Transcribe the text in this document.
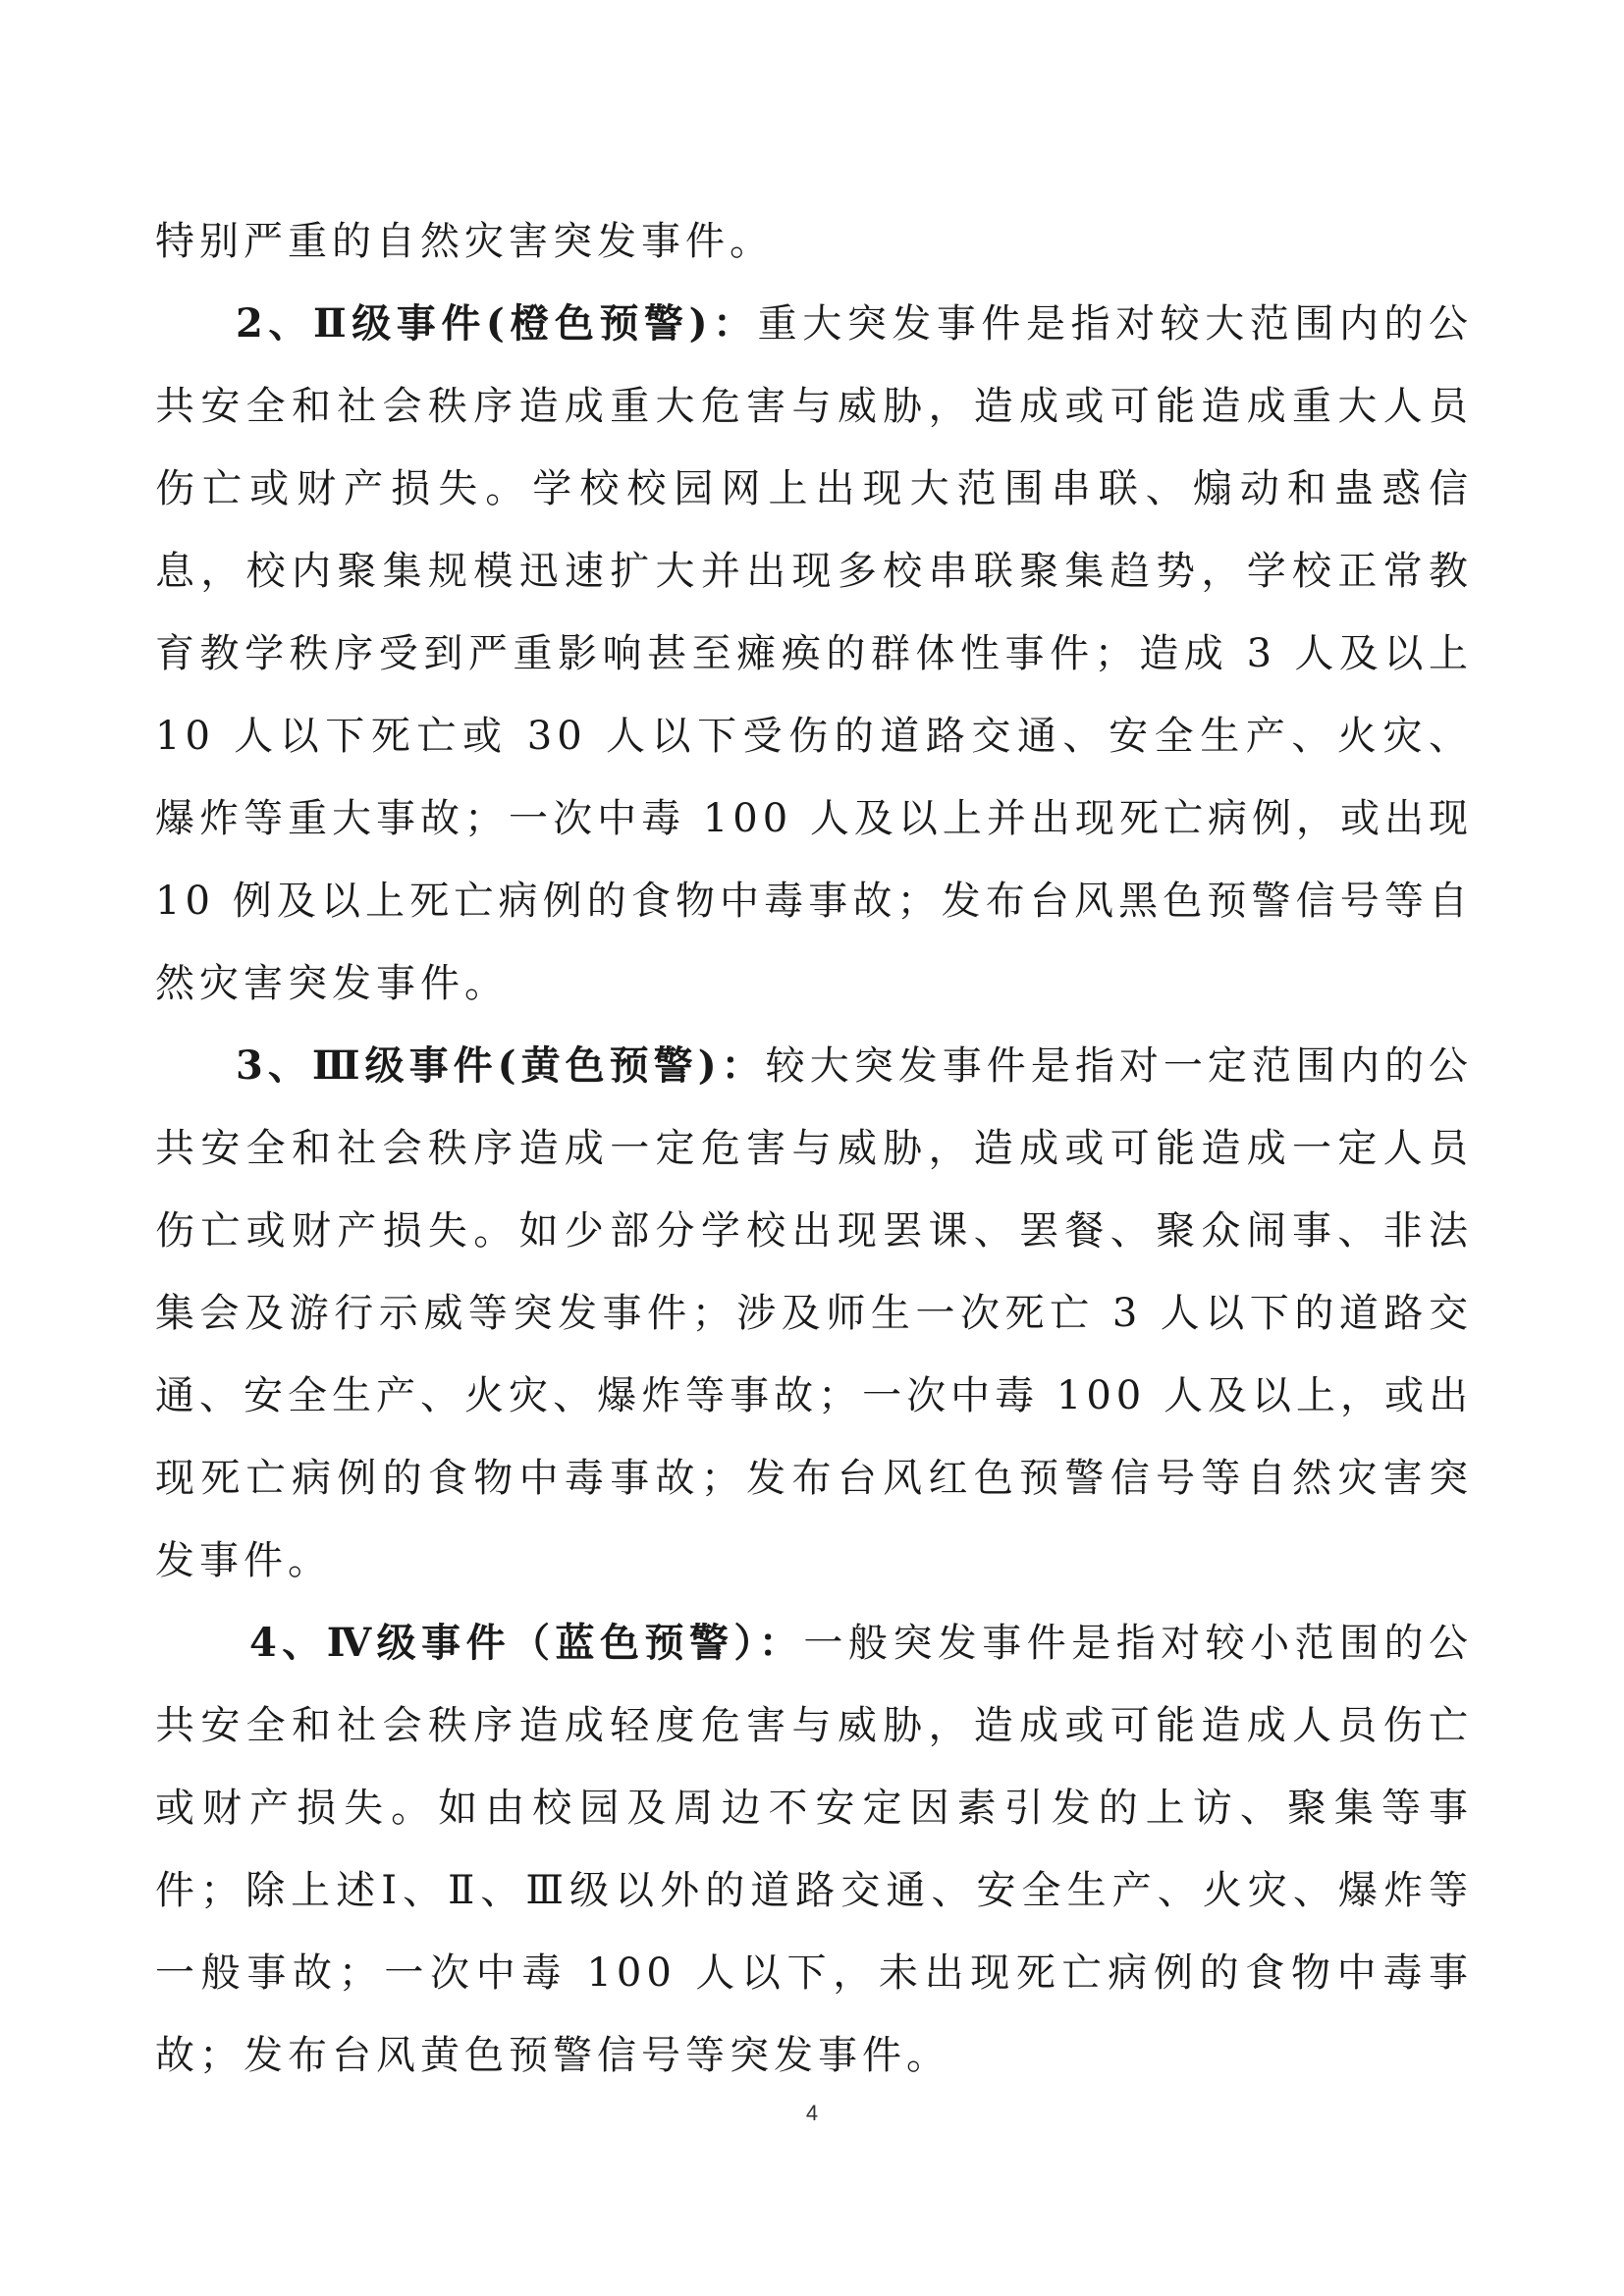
特别严重的自然灾害突发事件。

2、Ⅱ级事件(橙色预警)：重大突发事件是指对较大范围内的公共安全和社会秩序造成重大危害与威胁，造成或可能造成重大人员伤亡或财产损失。学校校园网上出现大范围串联、煽动和蛊惑信息，校内聚集规模迅速扩大并出现多校串联聚集趋势，学校正常教育教学秩序受到严重影响甚至瘫痪的群体性事件；造成 3 人及以上 10 人以下死亡或 30 人以下受伤的道路交通、安全生产、火灾、爆炸等重大事故；一次中毒 100 人及以上并出现死亡病例，或出现 10 例及以上死亡病例的食物中毒事故；发布台风黑色预警信号等自然灾害突发事件。

3、Ⅲ级事件(黄色预警)：较大突发事件是指对一定范围内的公共安全和社会秩序造成一定危害与威胁，造成或可能造成一定人员伤亡或财产损失。如少部分学校出现罢课、罢餐、聚众闹事、非法集会及游行示威等突发事件；涉及师生一次死亡 3 人以下的道路交通、安全生产、火灾、爆炸等事故；一次中毒 100 人及以上，或出现死亡病例的食物中毒事故；发布台风红色预警信号等自然灾害突发事件。

4、Ⅳ级事件（蓝色预警）：一般突发事件是指对较小范围的公共安全和社会秩序造成轻度危害与威胁，造成或可能造成人员伤亡或财产损失。如由校园及周边不安定因素引发的上访、聚集等事件；除上述Ⅰ、Ⅱ、Ⅲ级以外的道路交通、安全生产、火灾、爆炸等一般事故；一次中毒 100 人以下，未出现死亡病例的食物中毒事故；发布台风黄色预警信号等突发事件。

4
